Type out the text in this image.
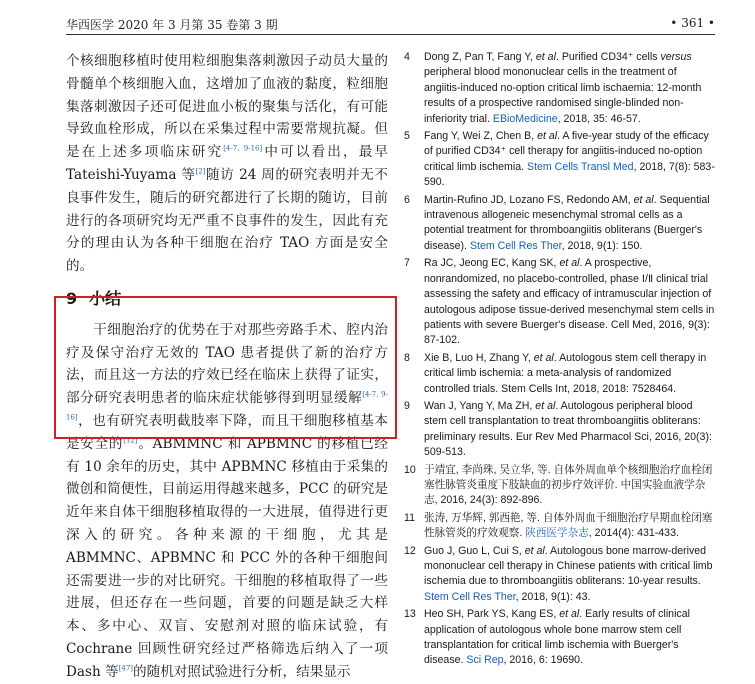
华西医学 2020 年 3 月第 35 卷第 3 期	• 361 •

个核细胞移植时使用粒细胞集落刺激因子动员大量的骨髓单个核细胞入血，这增加了血液的黏度，粒细胞集落刺激因子还可促进血小板的聚集与活化，有可能导致血栓形成，所以在采集过程中需要常规抗凝。但是在上述多项临床研究[4-7, 9-16]中可以看出，最早 Tateishi-Yuyama 等[2]随访 24 周的研究表明并无不良事件发生，随后的研究都进行了长期的随访，目前进行的各项研究均无严重不良事件的发生，因此有充分的理由认为各种干细胞在治疗 TAO 方面是安全的。

9 小结

干细胞治疗的优势在于对那些旁路手术、腔内治疗及保守治疗无效的 TAO 患者提供了新的治疗方法，而且这一方法的疗效已经在临床上获得了证实，部分研究表明患者的临床症状能够得到明显缓解[4-7, 9-16]，也有研究表明截肢率下降，而且干细胞移植基本是安全的[12]。ABMMNC 和 APBMNC 的移植已经有 10 余年的历史，其中 APBMNC 移植由于采集的微创和简便性，目前运用得越来越多，PCC 的研究是近年来自体干细胞移植取得的一大进展，值得进行更深入的研究。各种来源的干细胞，尤其是 ABMMNC、APBMNC 和 PCC 外的各种干细胞间还需要进一步的对比研究。干细胞的移植取得了一些进展，但还存在一些问题，首要的问题是缺乏大样本、多中心、双盲、安慰剂对照的临床试验，有 Cochrane 回顾性研究经过严格筛选后纳入了一项 Dash 等[47]的随机对照试验进行分析，结果显示

4 Dong Z, Pan T, Fang Y, et al. Purified CD34⁺ cells versus peripheral blood mononuclear cells in the treatment of angiitis-induced no-option critical limb ischaemia: 12-month results of a prospective randomised single-blinded non-inferiority trial. EBioMedicine, 2018, 35: 46-57.
5 Fang Y, Wei Z, Chen B, et al. A five-year study of the efficacy of purified CD34⁺ cell therapy for angiitis-induced no-option critical limb ischemia. Stem Cells Transl Med, 2018, 7(8): 583-590.
6 Martin-Rufino JD, Lozano FS, Redondo AM, et al. Sequential intravenous allogeneic mesenchymal stromal cells as a potential treatment for thromboangiitis obliterans (Buerger's disease). Stem Cell Res Ther, 2018, 9(1): 150.
7 Ra JC, Jeong EC, Kang SK, et al. A prospective, nonrandomized, no placebo-controlled, phase Ⅰ/Ⅱ clinical trial assessing the safety and efficacy of intramuscular injection of autologous adipose tissue-derived mesenchymal stem cells in patients with severe Buerger's disease. Cell Med, 2016, 9(3): 87-102.
8 Xie B, Luo H, Zhang Y, et al. Autologous stem cell therapy in critical limb ischemia: a meta-analysis of randomized controlled trials. Stem Cells Int, 2018, 2018: 7528464.
9 Wan J, Yang Y, Ma ZH, et al. Autologous peripheral blood stem cell transplantation to treat thromboangiitis obliterans: preliminary results. Eur Rev Med Pharmacol Sci, 2016, 20(3): 509-513.
10 于靖宜, 李尚珠, 吴立华, 等. 自体外周血单个核细胞治疗血栓闭塞性脉管炎重度下肢缺血的初步疗效评价. 中国实验血液学杂志, 2016, 24(3): 892-896.
11 张涛, 万华辉, 郭西艳, 等. 自体外周血干细胞治疗早期血栓闭塞性脉管炎的疗效观察. 陕西医学杂志, 2014(4): 431-433.
12 Guo J, Guo L, Cui S, et al. Autologous bone marrow-derived mononuclear cell therapy in Chinese patients with critical limb ischemia due to thromboangiitis obliterans: 10-year results. Stem Cell Res Ther, 2018, 9(1): 43.
13 Heo SH, Park YS, Kang ES, et al. Early results of clinical application of autologous whole bone marrow stem cell transplantation for critical limb ischemia with Buerger's disease. Sci Rep, 2016, 6: 19690.
